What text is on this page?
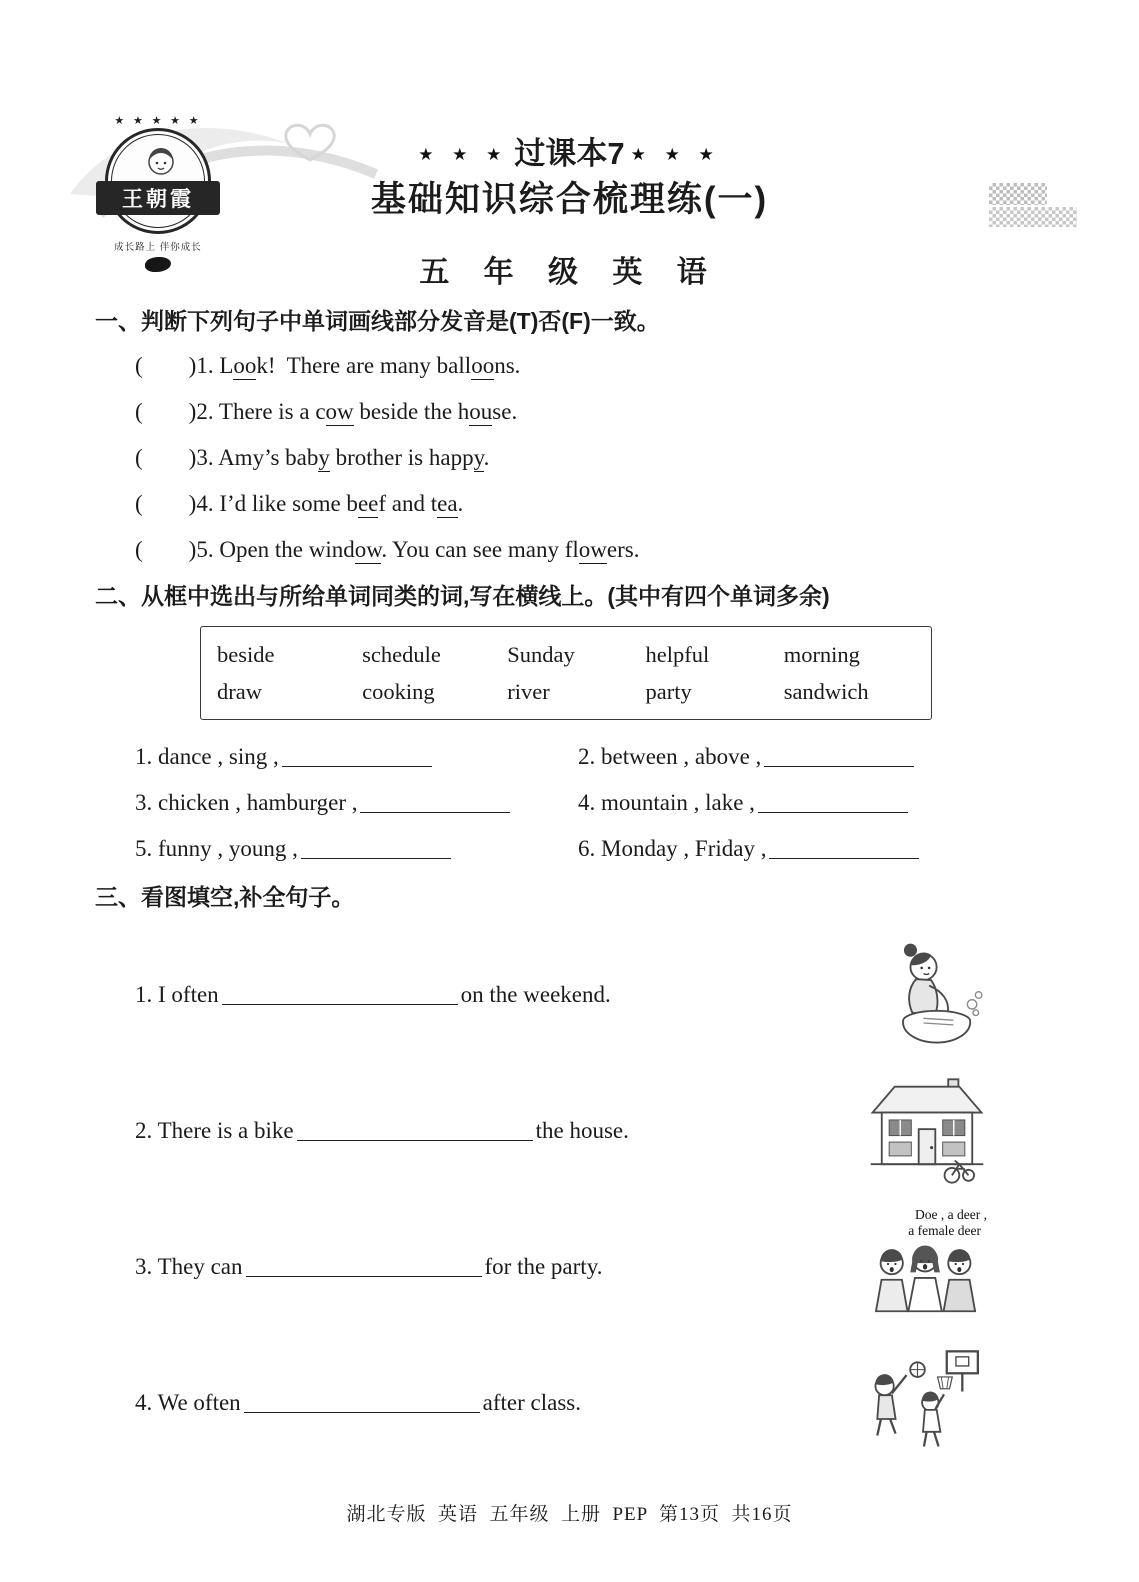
★ ★ ★ ★ ★
王朝霞
成长路上 伴你成长
★ ★ ★ 过课本7 ★ ★ ★
基础知识综合梳理练(一)
五 年 级 英 语
一、判断下列句子中单词画线部分发音是(T)否(F)一致。
(        )1. Look!  There are many balloons.
(        )2. There is a cow beside the house.
(        )3. Amy’s baby brother is happy.
(        )4. I’d like some beef and tea.
(        )5. Open the window. You can see many flowers.
二、从框中选出与所给单词同类的词,写在横线上。(其中有四个单词多余)
beside	schedule	Sunday	helpful	morning
draw	cooking	river	party	sandwich
1. dance , sing ,	2. between , above ,
3. chicken , hamburger ,	4. mountain , lake ,
5. funny , young ,	6. Monday , Friday ,
三、看图填空,补全句子。
1. I often	on the weekend.
2. There is a bike	the house.
3. They can	for the party.
Doe , a deer ,
a female deer
4. We often	after class.
湖北专版  英语  五年级  上册  PEP  第13页  共16页
